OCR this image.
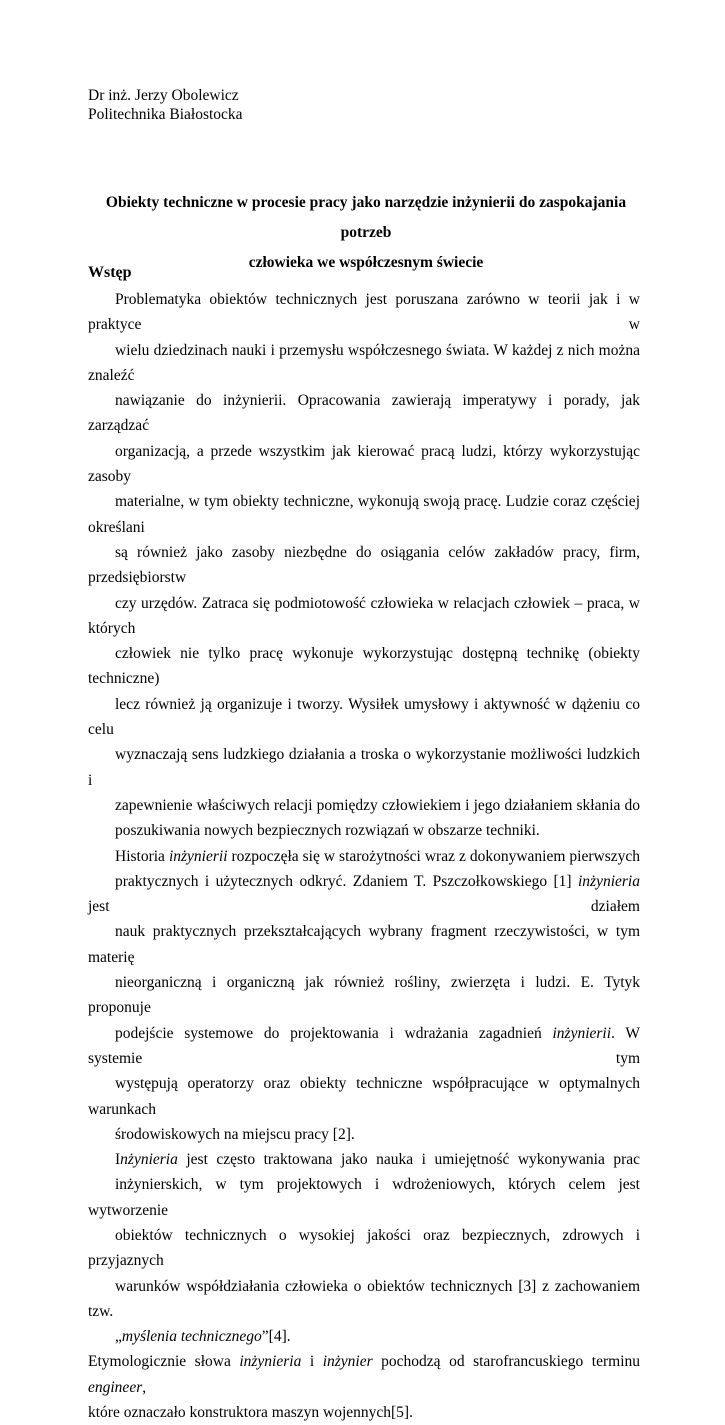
Dr inż. Jerzy Obolewicz
Politechnika Białostocka
Obiekty techniczne w procesie pracy jako narzędzie inżynierii do zaspokajania potrzeb
człowieka we współczesnym świecie
Wstęp

Problematyka obiektów technicznych jest poruszana zarówno w teorii jak i w praktyce w
wielu dziedzinach nauki i przemysłu współczesnego świata. W każdej z nich można znaleźć
nawiązanie do inżynierii. Opracowania zawierają imperatywy i porady, jak zarządzać
organizacją, a przede wszystkim jak kierować pracą ludzi, którzy wykorzystując zasoby
materialne, w tym obiekty techniczne, wykonują swoją pracę. Ludzie coraz częściej określani
są również jako zasoby niezbędne do osiągania celów zakładów pracy, firm, przedsiębiorstw
czy urzędów. Zatraca się podmiotowość człowieka w relacjach człowiek – praca, w których
człowiek nie tylko pracę wykonuje wykorzystując dostępną technikę (obiekty techniczne)
lecz również ją organizuje i tworzy. Wysiłek umysłowy i aktywność w dążeniu co celu
wyznaczają sens ludzkiego działania a troska o wykorzystanie możliwości ludzkich i
zapewnienie właściwych relacji pomiędzy człowiekiem i jego działaniem skłania do
poszukiwania nowych bezpiecznych rozwiązań w obszarze techniki.

Historia inżynierii rozpoczęła się w starożytności wraz z dokonywaniem pierwszych
praktycznych i użytecznych odkryć. Zdaniem T. Pszczołkowskiego [1] inżynieria jest działem
nauk praktycznych przekształcających wybrany fragment rzeczywistości, w tym materię
nieorganiczną i organiczną jak również rośliny, zwierzęta i ludzi. E. Tytyk proponuje
podejście systemowe do projektowania i wdrażania zagadnień inżynierii. W systemie tym
występują operatorzy oraz obiekty techniczne współpracujące w optymalnych warunkach
środowiskowych na miejscu pracy [2].

Inżynieria jest często traktowana jako nauka i umiejętność wykonywania prac
inżynierskich, w tym projektowych i wdrożeniowych, których celem jest wytworzenie
obiektów technicznych o wysokiej jakości oraz bezpiecznych, zdrowych i przyjaznych
warunków współdziałania człowieka o obiektów technicznych [3] z zachowaniem tzw.
„myślenia technicznego”[4].

Etymologicznie słowa inżynieria i inżynier pochodzą od starofrancuskiego terminu engineer,
które oznaczało konstruktora maszyn wojennych[5].
